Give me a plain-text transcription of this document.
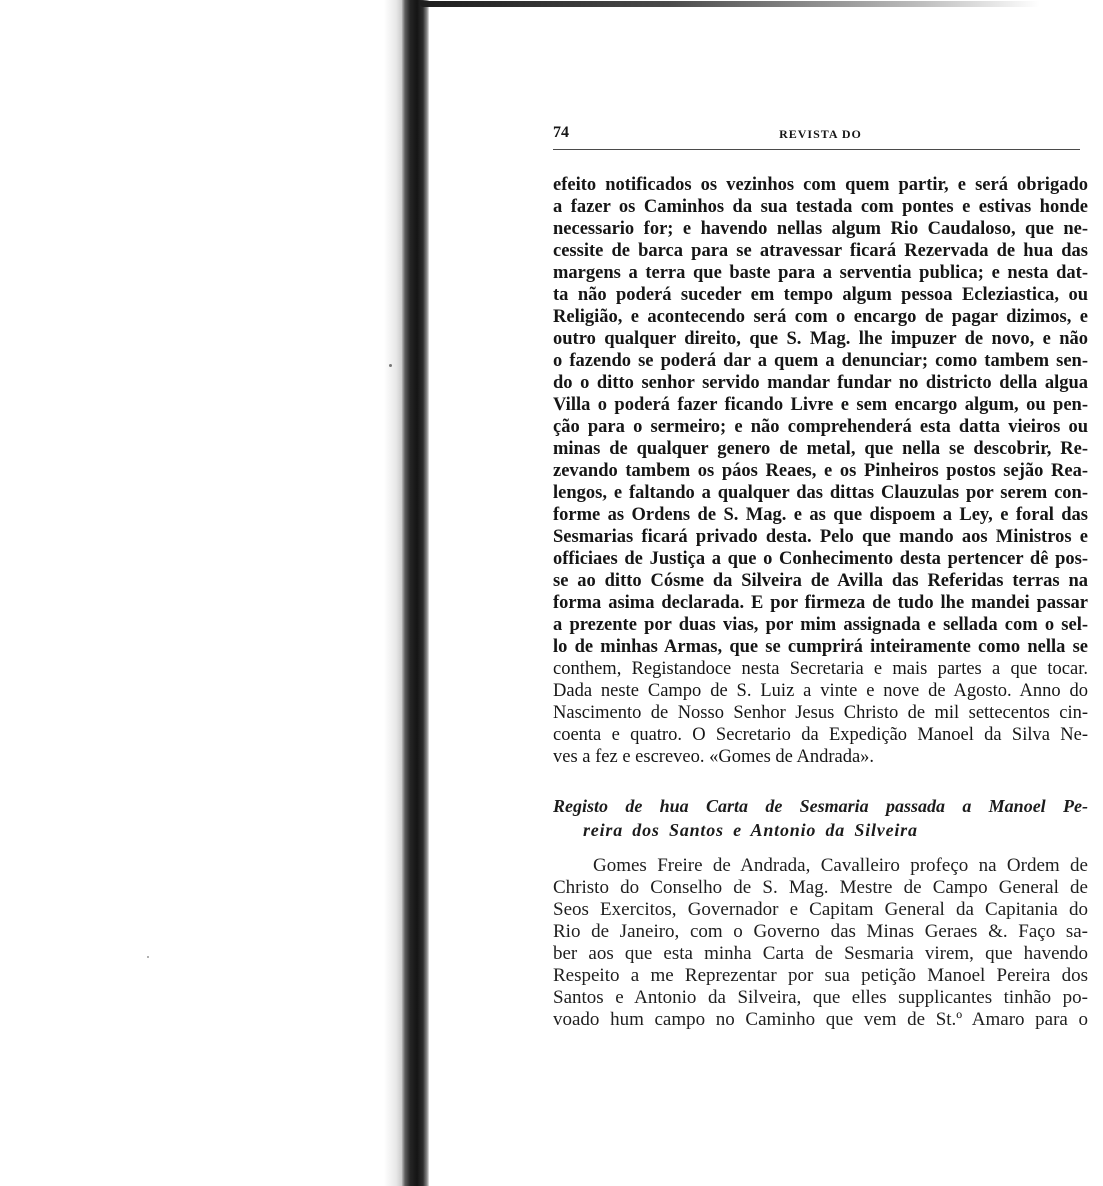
74	REVISTA DO
efeito notificados os vezinhos com quem partir, e será obrigado
a fazer os Caminhos da sua testada com pontes e estivas honde
necessario for; e havendo nellas algum Rio Caudaloso, que ne-
cessite de barca para se atravessar ficará Rezervada de hua das
margens a terra que baste para a serventia publica; e nesta dat-
ta não poderá suceder em tempo algum pessoa Ecleziastica, ou
Religião, e acontecendo será com o encargo de pagar dizimos, e
outro qualquer direito, que S. Mag. lhe impuzer de novo, e não
o fazendo se poderá dar a quem a denunciar; como tambem sen-
do o ditto senhor servido mandar fundar no districto della algua
Villa o poderá fazer ficando Livre e sem encargo algum, ou pen-
ção para o sermeiro; e não comprehenderá esta datta vieiros ou
minas de qualquer genero de metal, que nella se descobrir, Re-
zevando tambem os páos Reaes, e os Pinheiros postos sejão Rea-
lengos, e faltando a qualquer das dittas Clauzulas por serem con-
forme as Ordens de S. Mag. e as que dispoem a Ley, e foral das
Sesmarias ficará privado desta. Pelo que mando aos Ministros e
officiaes de Justiça a que o Conhecimento desta pertencer dê pos-
se ao ditto Cósme da Silveira de Avilla das Referidas terras na
forma asima declarada. E por firmeza de tudo lhe mandei passar
a prezente por duas vias, por mim assignada e sellada com o sel-
lo de minhas Armas, que se cumprirá inteiramente como nella se
conthem, Registandoce nesta Secretaria e mais partes a que tocar.
Dada neste Campo de S. Luiz a vinte e nove de Agosto. Anno do
Nascimento de Nosso Senhor Jesus Christo de mil settecentos cin-
coenta e quatro. O Secretario da Expedição Manoel da Silva Ne-
ves a fez e escreveo. «Gomes de Andrada».
Registo de hua Carta de Sesmaria passada a Manoel Pe-
reira dos Santos e Antonio da Silveira
Gomes Freire de Andrada, Cavalleiro profeço na Ordem de
Christo do Conselho de S. Mag. Mestre de Campo General de
Seos Exercitos, Governador e Capitam General da Capitania do
Rio de Janeiro, com o Governo das Minas Geraes &. Faço sa-
ber aos que esta minha Carta de Sesmaria virem, que havendo
Respeito a me Reprezentar por sua petição Manoel Pereira dos
Santos e Antonio da Silveira, que elles supplicantes tinhão po-
voado hum campo no Caminho que vem de St.º Amaro para o
